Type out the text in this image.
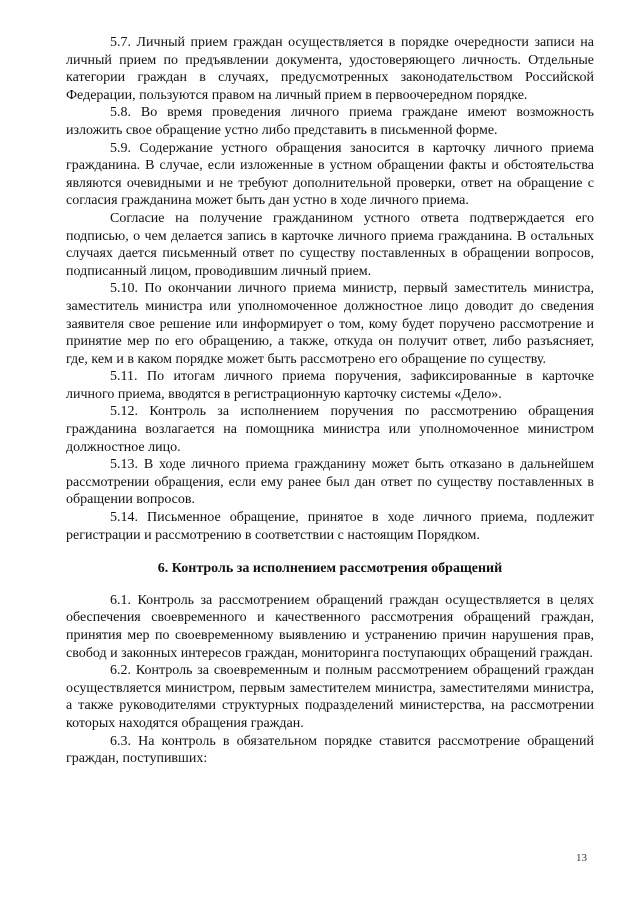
5.7. Личный прием граждан осуществляется в порядке очередности записи на личный прием по предъявлении документа, удостоверяющего личность. Отдельные категории граждан в случаях, предусмотренных законодательством Российской Федерации, пользуются правом на личный прием в первоочередном порядке.

5.8. Во время проведения личного приема граждане имеют возможность изложить свое обращение устно либо представить в письменной форме.

5.9. Содержание устного обращения заносится в карточку личного приема гражданина. В случае, если изложенные в устном обращении факты и обстоятельства являются очевидными и не требуют дополнительной проверки, ответ на обращение с согласия гражданина может быть дан устно в ходе личного приема.

Согласие на получение гражданином устного ответа подтверждается его подписью, о чем делается запись в карточке личного приема гражданина. В остальных случаях дается письменный ответ по существу поставленных в обращении вопросов, подписанный лицом, проводившим личный прием.

5.10. По окончании личного приема министр, первый заместитель министра, заместитель министра или уполномоченное должностное лицо доводит до сведения заявителя свое решение или информирует о том, кому будет поручено рассмотрение и принятие мер по его обращению, а также, откуда он получит ответ, либо разъясняет, где, кем и в каком порядке может быть рассмотрено его обращение по существу.

5.11. По итогам личного приема поручения, зафиксированные в карточке личного приема, вводятся в регистрационную карточку системы «Дело».

5.12. Контроль за исполнением поручения по рассмотрению обращения гражданина возлагается на помощника министра или уполномоченное министром должностное лицо.

5.13. В ходе личного приема гражданину может быть отказано в дальнейшем рассмотрении обращения, если ему ранее был дан ответ по существу поставленных в обращении вопросов.

5.14. Письменное обращение, принятое в ходе личного приема, подлежит регистрации и рассмотрению в соответствии с настоящим Порядком.

6. Контроль за исполнением рассмотрения обращений

6.1. Контроль за рассмотрением обращений граждан осуществляется в целях обеспечения своевременного и качественного рассмотрения обращений граждан, принятия мер по своевременному выявлению и устранению причин нарушения прав, свобод и законных интересов граждан, мониторинга поступающих обращений граждан.

6.2. Контроль за своевременным и полным рассмотрением обращений граждан осуществляется министром, первым заместителем министра, заместителями министра, а также руководителями структурных подразделений министерства, на рассмотрении которых находятся обращения граждан.

6.3. На контроль в обязательном порядке ставится рассмотрение обращений граждан, поступивших:

13
